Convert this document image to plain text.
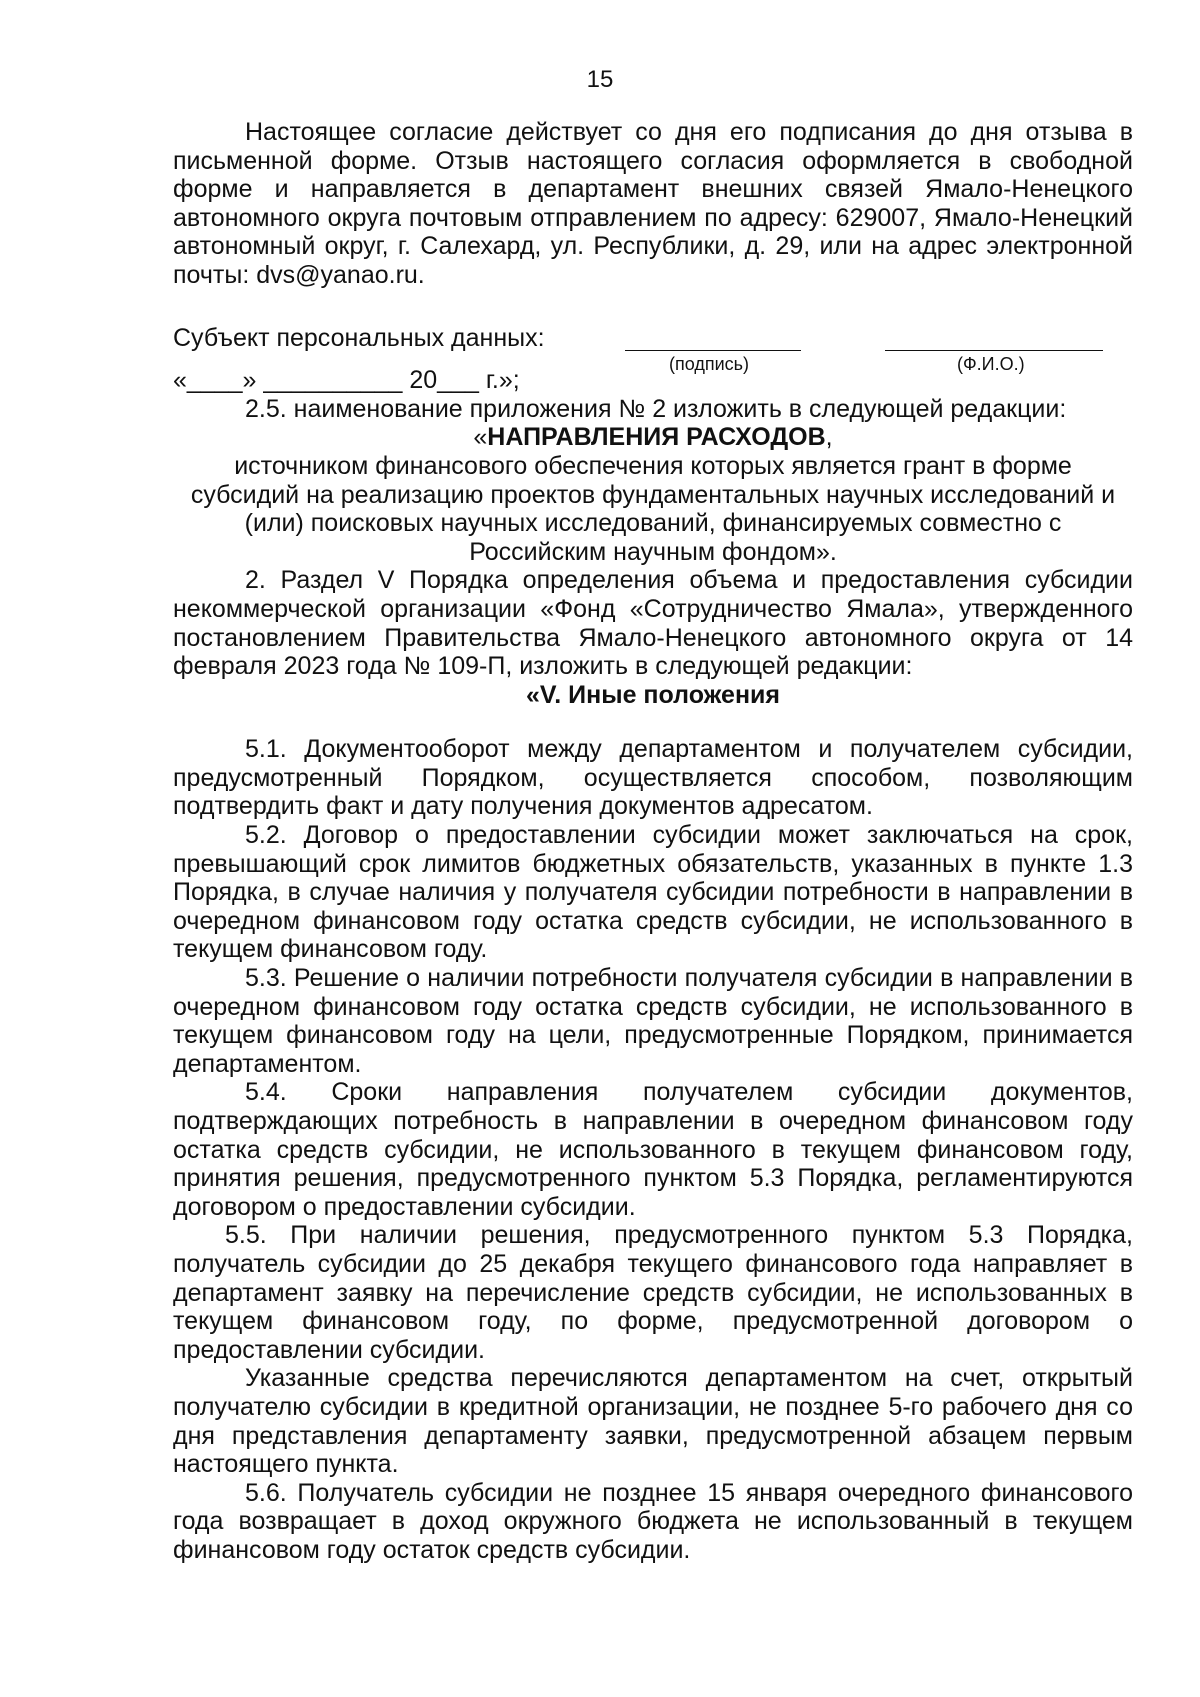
15

Настоящее согласие действует со дня его подписания до дня отзыва в письменной форме. Отзыв настоящего согласия оформляется в свободной форме и направляется в департамент внешних связей Ямало-Ненецкого автономного округа почтовым отправлением по адресу: 629007, Ямало-Ненецкий автономный округ, г. Салехард, ул. Республики, д. 29, или на адрес электронной почты: dvs@yanao.ru.

Субъект персональных данных:
(подпись)	(Ф.И.О.)

«____» __________ 20___ г.»;

2.5. наименование приложения № 2 изложить в следующей редакции:

«НАПРАВЛЕНИЯ РАСХОДОВ,

источником финансового обеспечения которых является грант в форме

субсидий на реализацию проектов фундаментальных научных исследований и

(или) поисковых научных исследований, финансируемых совместно с

Российским научным фондом».

2. Раздел V Порядка определения объема и предоставления субсидии некоммерческой организации «Фонд «Сотрудничество Ямала», утвержденного постановлением Правительства Ямало-Ненецкого автономного округа от 14 февраля 2023 года № 109-П, изложить в следующей редакции:

«V. Иные положения

5.1. Документооборот между департаментом и получателем субсидии, предусмотренный Порядком, осуществляется способом, позволяющим подтвердить факт и дату получения документов адресатом.

5.2. Договор о предоставлении субсидии может заключаться на срок, превышающий срок лимитов бюджетных обязательств, указанных в пункте 1.3 Порядка, в случае наличия у получателя субсидии потребности в направлении в очередном финансовом году остатка средств субсидии, не использованного в текущем финансовом году.

5.3. Решение о наличии потребности получателя субсидии в направлении в очередном финансовом году остатка средств субсидии, не использованного в текущем финансовом году на цели, предусмотренные Порядком, принимается департаментом.

5.4. Сроки направления получателем субсидии документов, подтверждающих потребность в направлении в очередном финансовом году остатка средств субсидии, не использованного в текущем финансовом году, принятия решения, предусмотренного пунктом 5.3 Порядка, регламентируются договором о предоставлении субсидии.

5.5. При наличии решения, предусмотренного пунктом 5.3 Порядка, получатель субсидии до 25 декабря текущего финансового года направляет в департамент заявку на перечисление средств субсидии, не использованных в текущем финансовом году, по форме, предусмотренной договором о предоставлении субсидии.

Указанные средства перечисляются департаментом на счет, открытый получателю субсидии в кредитной организации, не позднее 5-го рабочего дня со дня представления департаменту заявки, предусмотренной абзацем первым настоящего пункта.

5.6. Получатель субсидии не позднее 15 января очередного финансового года возвращает в доход окружного бюджета не использованный в текущем финансовом году остаток средств субсидии.
